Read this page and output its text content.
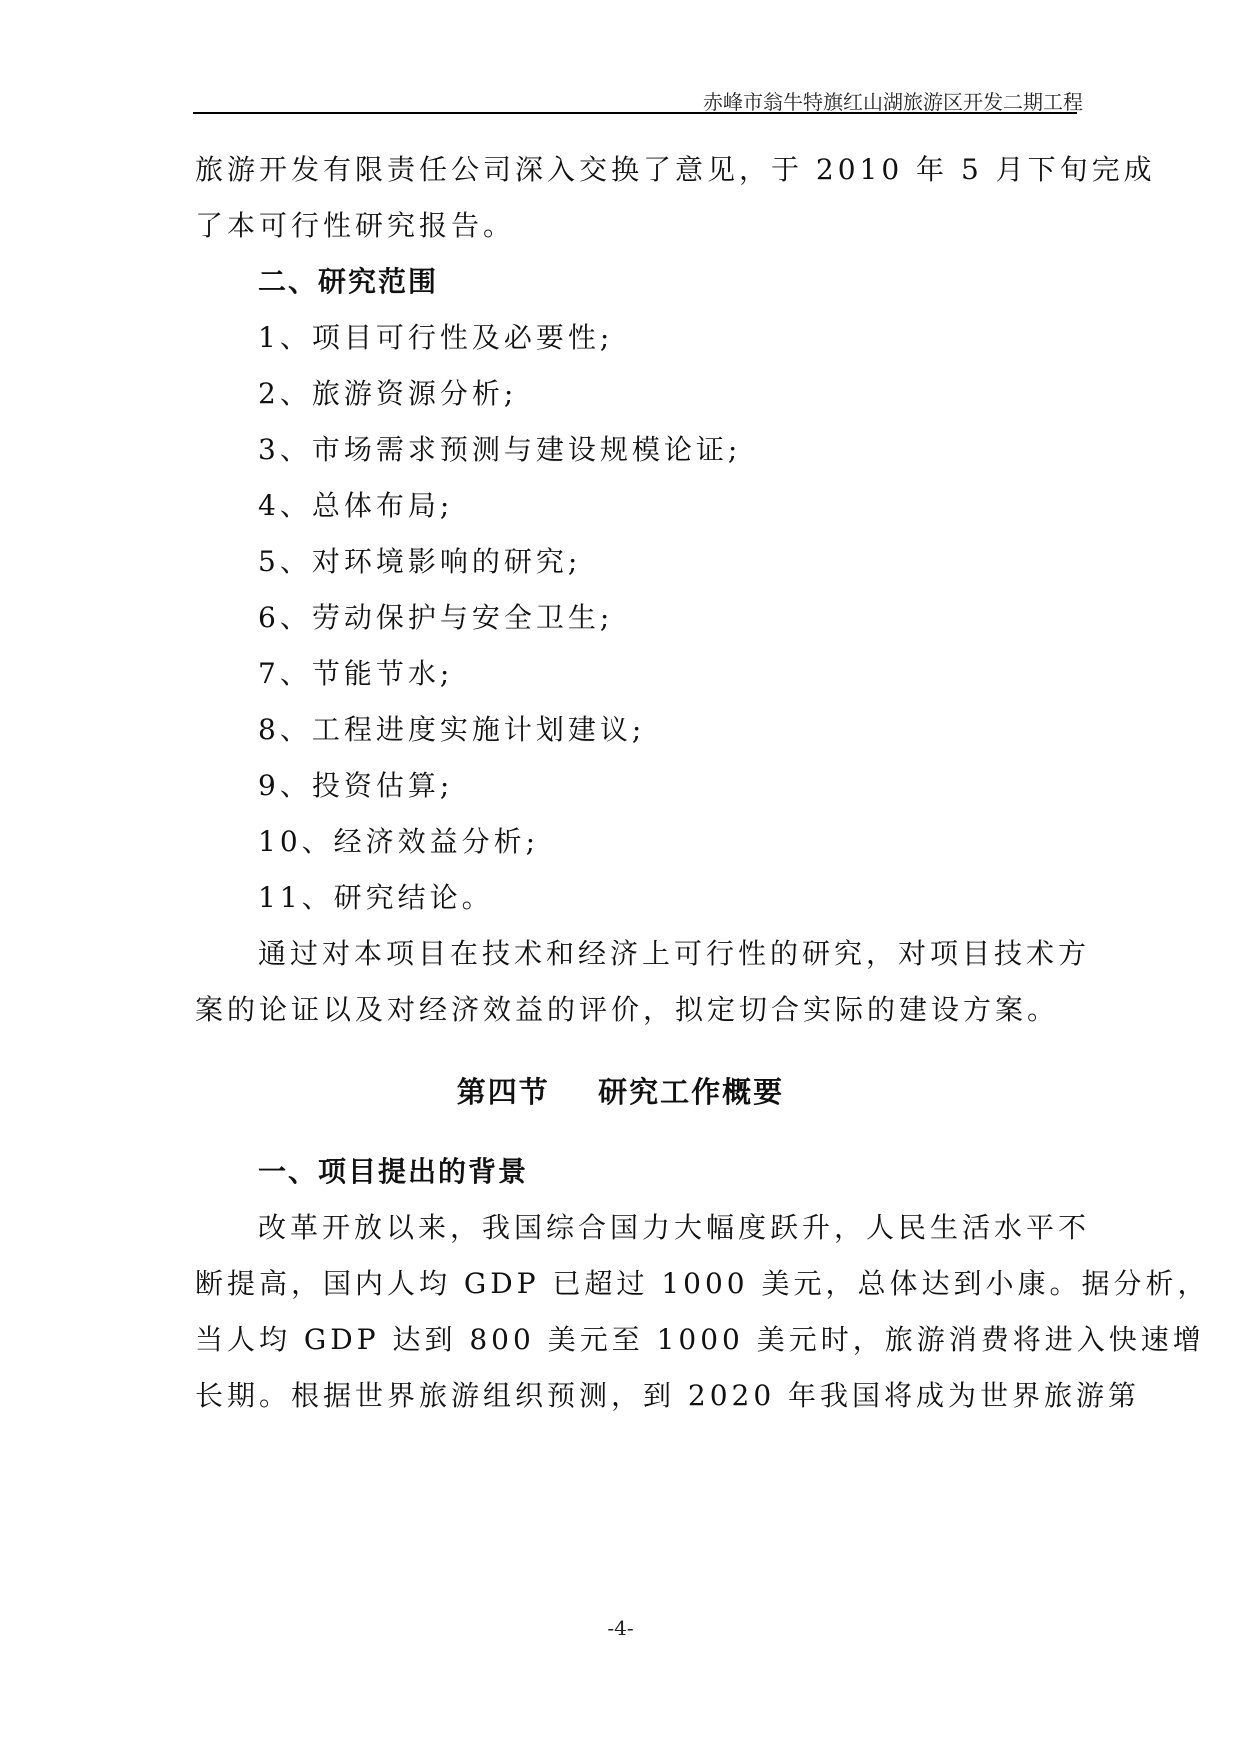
赤峰市翁牛特旗红山湖旅游区开发二期工程
旅游开发有限责任公司深入交换了意见，于 2010 年 5 月下旬完成
了本可行性研究报告。
二、研究范围
1、项目可行性及必要性;
2、旅游资源分析;
3、市场需求预测与建设规模论证;
4、总体布局;
5、对环境影响的研究;
6、劳动保护与安全卫生;
7、节能节水;
8、工程进度实施计划建议;
9、投资估算;
10、经济效益分析;
11、研究结论。
通过对本项目在技术和经济上可行性的研究，对项目技术方
案的论证以及对经济效益的评价，拟定切合实际的建设方案。
第四节    研究工作概要
一、项目提出的背景
改革开放以来，我国综合国力大幅度跃升，人民生活水平不
断提高，国内人均 GDP 已超过 1000 美元，总体达到小康。据分析，
当人均 GDP 达到 800 美元至 1000 美元时，旅游消费将进入快速增
长期。根据世界旅游组织预测，到 2020 年我国将成为世界旅游第
-4-
